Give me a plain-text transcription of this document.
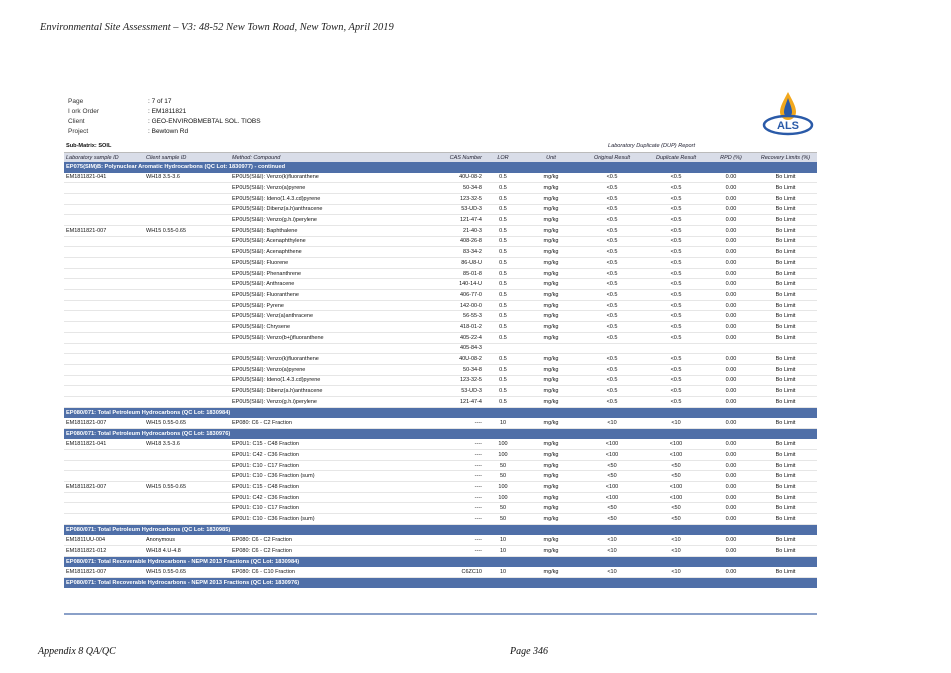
Environmental Site Assessment – V3: 48-52 New Town Road, New Town, April 2019
Page	: 7 of 17
I ork Order	: EM1811821
Client	: GEO-ENVIROBMEBTAL SOL. TIOBS
Project	: Bewtown Rd	ALS
Sub-Matrix: SOIL	Laboratory Duplicate (DUP) Report
Laboratory sample ID	Client sample ID	Method: Compound	CAS Number	LOR	Unit	Original Result	Duplicate Result	RPD (%)	Recovery Limits (%)
EP075(SIM)B: Polynuclear Aromatic Hydrocarbons (QC Lot: 1830977) - continued									
EM1811821-041	WH18 3.5-3.6	EP0U5(SI&I): Venzo(k)fluoranthene	40U-08-2	0.5	mg/kg	<0.5	<0.5	0.00	Bo Limit
		EP0U5(SI&I): Venzo(a)pyrene	50-34-8	0.5	mg/kg	<0.5	<0.5	0.00	Bo Limit
		EP0U5(SI&I): Ideno(1.4.3.cd)pyrene	123-32-5	0.5	mg/kg	<0.5	<0.5	0.00	Bo Limit
		EP0U5(SI&I): Dibenz(a.h)anthracene	53-UD-3	0.5	mg/kg	<0.5	<0.5	0.00	Bo Limit
		EP0U5(SI&I): Venzo(g.h.i)perylene	121-47-4	0.5	mg/kg	<0.5	<0.5	0.00	Bo Limit
EM1811821-007	WH15 0.55-0.65	EP0U5(SI&I): Baphthalene	21-40-3	0.5	mg/kg	<0.5	<0.5	0.00	Bo Limit
		EP0U5(SI&I): Acenaphthylene	408-26-8	0.5	mg/kg	<0.5	<0.5	0.00	Bo Limit
		EP0U5(SI&I): Acenaphthene	83-34-2	0.5	mg/kg	<0.5	<0.5	0.00	Bo Limit
		EP0U5(SI&I): Fluorene	86-U8-U	0.5	mg/kg	<0.5	<0.5	0.00	Bo Limit
		EP0U5(SI&I): Phenanthrene	85-01-8	0.5	mg/kg	<0.5	<0.5	0.00	Bo Limit
		EP0U5(SI&I): Anthracene	140-14-U	0.5	mg/kg	<0.5	<0.5	0.00	Bo Limit
		EP0U5(SI&I): Fluoranthene	406-77-0	0.5	mg/kg	<0.5	<0.5	0.00	Bo Limit
		EP0U5(SI&I): Pyrene	142-00-0	0.5	mg/kg	<0.5	<0.5	0.00	Bo Limit
		EP0U5(SI&I): Venz(a)anthracene	56-55-3	0.5	mg/kg	<0.5	<0.5	0.00	Bo Limit
		EP0U5(SI&I): Chrysene	418-01-2	0.5	mg/kg	<0.5	<0.5	0.00	Bo Limit
		EP0U5(SI&I): Venzo(b+j)fluoranthene	405-22-4	0.5	mg/kg	<0.5	<0.5	0.00	Bo Limit
			405-84-3						
		EP0U5(SI&I): Venzo(k)fluoranthene	40U-08-2	0.5	mg/kg	<0.5	<0.5	0.00	Bo Limit
		EP0U5(SI&I): Venzo(a)pyrene	50-34-8	0.5	mg/kg	<0.5	<0.5	0.00	Bo Limit
		EP0U5(SI&I): Ideno(1.4.3.cd)pyrene	123-32-5	0.5	mg/kg	<0.5	<0.5	0.00	Bo Limit
		EP0U5(SI&I): Dibenz(a.h)anthracene	53-UD-3	0.5	mg/kg	<0.5	<0.5	0.00	Bo Limit
		EP0U5(SI&I): Venzo(g.h.i)perylene	121-47-4	0.5	mg/kg	<0.5	<0.5	0.00	Bo Limit
EP080/071: Total Petroleum Hydrocarbons (QC Lot: 1830984)									
EM1811821-007	WH15 0.55-0.65	EP080: C6 - C2 Fraction	----	10	mg/kg	<10	<10	0.00	Bo Limit
EP080/071: Total Petroleum Hydrocarbons (QC Lot: 1830976)									
EM1811821-041	WH18 3.5-3.6	EP0U1: C15 - C48 Fraction	----	100	mg/kg	<100	<100	0.00	Bo Limit
		EP0U1: C42 - C36 Fraction	----	100	mg/kg	<100	<100	0.00	Bo Limit
		EP0U1: C10 - C17 Fraction	----	50	mg/kg	<50	<50	0.00	Bo Limit
		EP0U1: C10 - C36 Fraction (sum)	----	50	mg/kg	<50	<50	0.00	Bo Limit
EM1811821-007	WH15 0.55-0.65	EP0U1: C15 - C48 Fraction	----	100	mg/kg	<100	<100	0.00	Bo Limit
		EP0U1: C42 - C36 Fraction	----	100	mg/kg	<100	<100	0.00	Bo Limit
		EP0U1: C10 - C17 Fraction	----	50	mg/kg	<50	<50	0.00	Bo Limit
		EP0U1: C10 - C36 Fraction (sum)	----	50	mg/kg	<50	<50	0.00	Bo Limit
EP080/071: Total Petroleum Hydrocarbons (QC Lot: 1830985)									
EM1811UU-004	Anonymous	EP080: C6 - C2 Fraction	----	10	mg/kg	<10	<10	0.00	Bo Limit
EM1811821-012	WH18 4.U-4.8	EP080: C6 - C2 Fraction	----	10	mg/kg	<10	<10	0.00	Bo Limit
EP080/071: Total Recoverable Hydrocarbons - NEPM 2013 Fractions (QC Lot: 1830984)									
EM1811821-007	WH15 0.55-0.65	EP080: C6 - C10 Fraction	C6ZC10	10	mg/kg	<10	<10	0.00	Bo Limit
EP080/071: Total Recoverable Hydrocarbons - NEPM 2013 Fractions (QC Lot: 1830976)									
Appendix 8 QA/QC	Page 346
